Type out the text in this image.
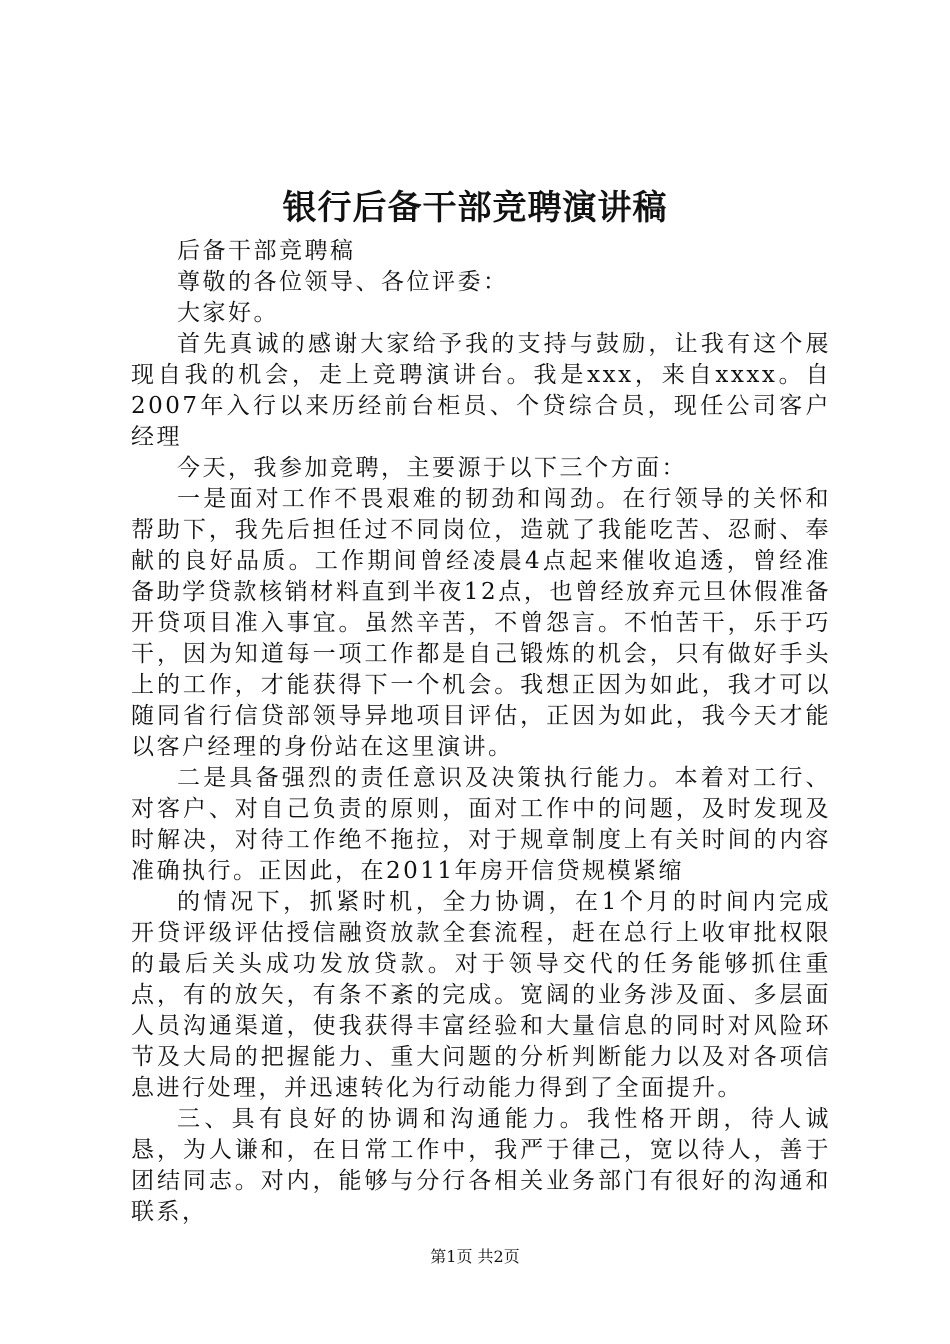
银行后备干部竞聘演讲稿

后备干部竞聘稿

尊敬的各位领导、各位评委：

大家好。

首先真诚的感谢大家给予我的支持与鼓励，让我有这个展现自我的机会，走上竞聘演讲台。我是xxx，来自xxxx。自2007年入行以来历经前台柜员、个贷综合员，现任公司客户经理

今天，我参加竞聘，主要源于以下三个方面：

一是面对工作不畏艰难的韧劲和闯劲。在行领导的关怀和帮助下，我先后担任过不同岗位，造就了我能吃苦、忍耐、奉献的良好品质。工作期间曾经凌晨4点起来催收追透，曾经准备助学贷款核销材料直到半夜12点，也曾经放弃元旦休假准备开贷项目准入事宜。虽然辛苦，不曾怨言。不怕苦干，乐于巧干，因为知道每一项工作都是自己锻炼的机会，只有做好手头上的工作，才能获得下一个机会。我想正因为如此，我才可以随同省行信贷部领导异地项目评估，正因为如此，我今天才能以客户经理的身份站在这里演讲。

二是具备强烈的责任意识及决策执行能力。本着对工行、对客户、对自己负责的原则，面对工作中的问题，及时发现及时解决，对待工作绝不拖拉，对于规章制度上有关时间的内容准确执行。正因此，在2011年房开信贷规模紧缩

的情况下，抓紧时机，全力协调，在1个月的时间内完成开贷评级评估授信融资放款全套流程，赶在总行上收审批权限的最后关头成功发放贷款。对于领导交代的任务能够抓住重点，有的放矢，有条不紊的完成。宽阔的业务涉及面、多层面人员沟通渠道，使我获得丰富经验和大量信息的同时对风险环节及大局的把握能力、重大问题的分析判断能力以及对各项信息进行处理，并迅速转化为行动能力得到了全面提升。

三、具有良好的协调和沟通能力。我性格开朗，待人诚恳，为人谦和，在日常工作中，我严于律己，宽以待人，善于团结同志。对内，能够与分行各相关业务部门有很好的沟通和联系，

第1页 共2页
